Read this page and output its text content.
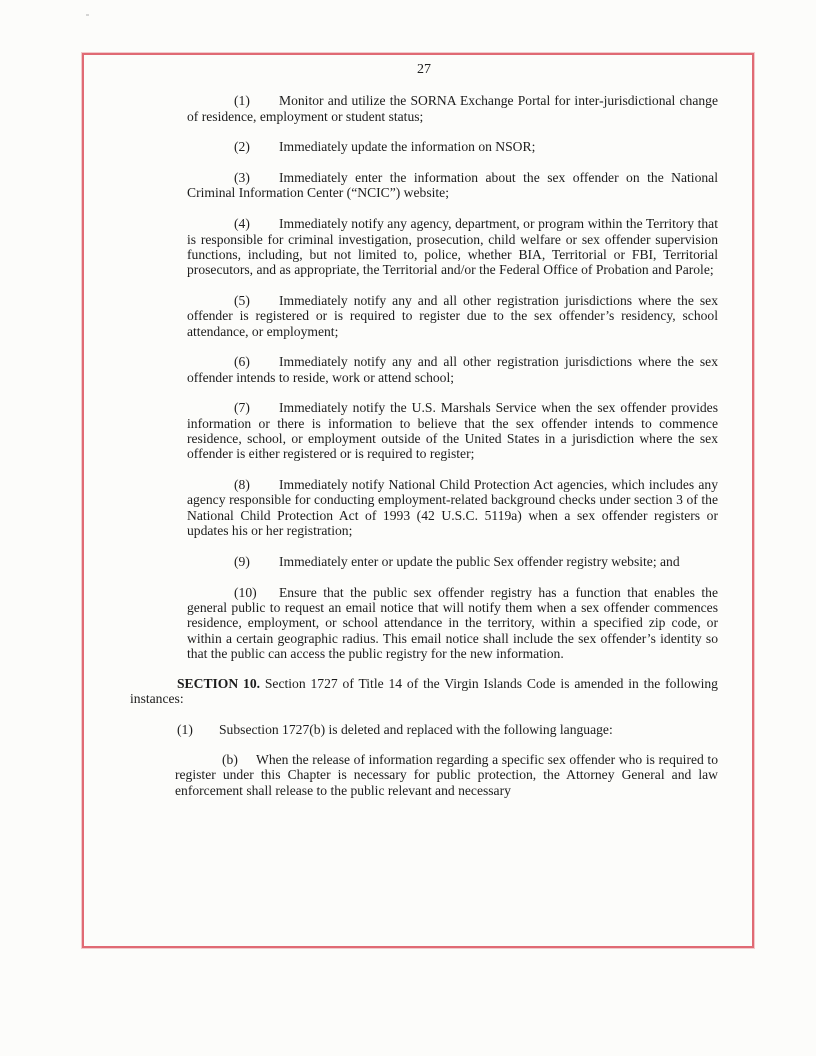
27
(1) Monitor and utilize the SORNA Exchange Portal for inter-jurisdictional change of residence, employment or student status;
(2) Immediately update the information on NSOR;
(3) Immediately enter the information about the sex offender on the National Criminal Information Center (“NCIC”) website;
(4) Immediately notify any agency, department, or program within the Territory that is responsible for criminal investigation, prosecution, child welfare or sex offender supervision functions, including, but not limited to, police, whether BIA, Territorial or FBI, Territorial prosecutors, and as appropriate, the Territorial and/or the Federal Office of Probation and Parole;
(5) Immediately notify any and all other registration jurisdictions where the sex offender is registered or is required to register due to the sex offender’s residency, school attendance, or employment;
(6) Immediately notify any and all other registration jurisdictions where the sex offender intends to reside, work or attend school;
(7) Immediately notify the U.S. Marshals Service when the sex offender provides information or there is information to believe that the sex offender intends to commence residence, school, or employment outside of the United States in a jurisdiction where the sex offender is either registered or is required to register;
(8) Immediately notify National Child Protection Act agencies, which includes any agency responsible for conducting employment-related background checks under section 3 of the National Child Protection Act of 1993 (42 U.S.C. 5119a) when a sex offender registers or updates his or her registration;
(9) Immediately enter or update the public Sex offender registry website; and
(10) Ensure that the public sex offender registry has a function that enables the general public to request an email notice that will notify them when a sex offender commences residence, employment, or school attendance in the territory, within a specified zip code, or within a certain geographic radius. This email notice shall include the sex offender’s identity so that the public can access the public registry for the new information.
SECTION 10. Section 1727 of Title 14 of the Virgin Islands Code is amended in the following instances:
(1) Subsection 1727(b) is deleted and replaced with the following language:
(b) When the release of information regarding a specific sex offender who is required to register under this Chapter is necessary for public protection, the Attorney General and law enforcement shall release to the public relevant and necessary
